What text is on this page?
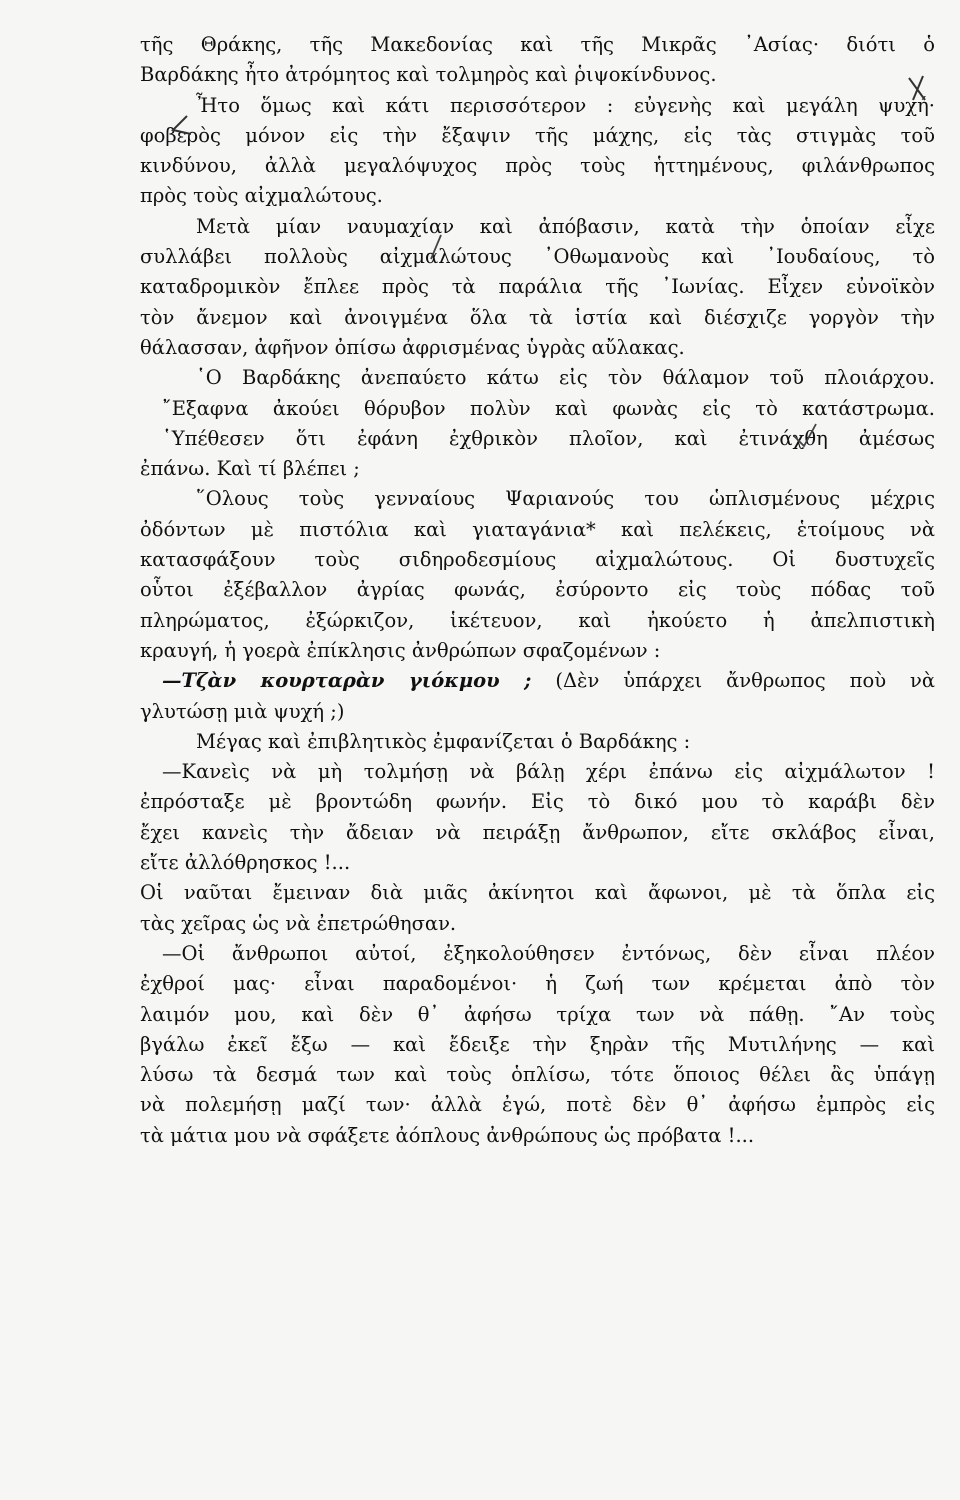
τῆς Θράκης, τῆς Μακεδονίας καὶ τῆς Μικρᾶς ᾿Ασίας· διότι ὁ
Βαρδάκης ἦτο ἀτρόμητος καὶ τολμηρὸς καὶ ῥιψοκίνδυνος.
Ἦτο ὅμως καὶ κάτι περισσότερον : εὐγενὴς καὶ μεγάλη ψυχή·
φοβερὸς μόνον εἰς τὴν ἔξαψιν τῆς μάχης, εἰς τὰς στιγμὰς τοῦ
κινδύνου, ἀλλὰ μεγαλόψυχος πρὸς τοὺς ἡττημένους, φιλάνθρωπος
πρὸς τοὺς αἰχμαλώτους.
Μετὰ μίαν ναυμαχίαν καὶ ἀπόβασιν, κατὰ τὴν ὁποίαν εἶχε
συλλάβει πολλοὺς αἰχμαλώτους ᾿Οθωμανοὺς καὶ ᾿Ιουδαίους, τὸ
καταδρομικὸν ἔπλεε πρὸς τὰ παράλια τῆς ᾿Ιωνίας. Εἶχεν εὐνοϊκὸν
τὸν ἄνεμον καὶ ἀνοιγμένα ὅλα τὰ ἱστία καὶ διέσχιζε γοργὸν τὴν
θάλασσαν, ἀφῆνον ὀπίσω ἀφρισμένας ὑγρὰς αὔλακας.
῾Ο Βαρδάκης ἀνεπαύετο κάτω εἰς τὸν θάλαμον τοῦ πλοιάρχου.
῎Εξαφνα ἀκούει θόρυβον πολὺν καὶ φωνὰς εἰς τὸ κατάστρωμα.
῾Υπέθεσεν ὅτι ἐφάνη ἐχθρικὸν πλοῖον, καὶ ἐτινάχθη ἀμέσως
ἐπάνω. Καὶ τί βλέπει ;
῞Ολους τοὺς γενναίους Ψαριανούς του ὡπλισμένους μέχρις
ὀδόντων μὲ πιστόλια καὶ γιαταγάνια* καὶ πελέκεις, ἑτοίμους νὰ
κατασφάξουν τοὺς σιδηροδεσμίους αἰχμαλώτους. Οἱ δυστυχεῖς
οὗτοι ἐξέβαλλον ἀγρίας φωνάς, ἐσύροντο εἰς τοὺς πόδας τοῦ
πληρώματος, ἐξώρκιζον, ἱκέτευον, καὶ ἠκούετο ἡ ἀπελπιστικὴ
κραυγή, ἡ γοερὰ ἐπίκλησις ἀνθρώπων σφαζομένων :
—Τζὰν κουρταρὰν γιόκμου ; (Δὲν ὑπάρχει ἄνθρωπος ποὺ νὰ
γλυτώσῃ μιὰ ψυχή ;)
Μέγας καὶ ἐπιβλητικὸς ἐμφανίζεται ὁ Βαρδάκης :
—Κανεὶς νὰ μὴ τολμήσῃ νὰ βάλῃ χέρι ἐπάνω εἰς αἰχμάλωτον !
ἐπρόσταξε μὲ βροντώδη φωνήν. Εἰς τὸ δικό μου τὸ καράβι δὲν
ἔχει κανεὶς τὴν ἄδειαν νὰ πειράξῃ ἄνθρωπον, εἴτε σκλάβος εἶναι,
εἴτε ἀλλόθρησκος !...
Οἱ ναῦται ἔμειναν διὰ μιᾶς ἀκίνητοι καὶ ἄφωνοι, μὲ τὰ ὅπλα εἰς
τὰς χεῖρας ὡς νὰ ἐπετρώθησαν.
—Οἱ ἄνθρωποι αὐτοί, ἐξηκολούθησεν ἐντόνως, δὲν εἶναι πλέον
ἐχθροί μας· εἶναι παραδομένοι· ἡ ζωή των κρέμεται ἀπὸ τὸν
λαιμόν μου, καὶ δὲν θ᾿ ἀφήσω τρίχα των νὰ πάθῃ. ῎Αν τοὺς
βγάλω ἐκεῖ ἔξω — καὶ ἔδειξε τὴν ξηρὰν τῆς Μυτιλήνης — καὶ
λύσω τὰ δεσμά των καὶ τοὺς ὁπλίσω, τότε ὅποιος θέλει ἂς ὑπάγῃ
νὰ πολεμήσῃ μαζί των· ἀλλὰ ἐγώ, ποτὲ δὲν θ᾿ ἀφήσω ἐμπρὸς εἰς
τὰ μάτια μου νὰ σφάξετε ἀόπλους ἀνθρώπους ὡς πρόβατα !...
